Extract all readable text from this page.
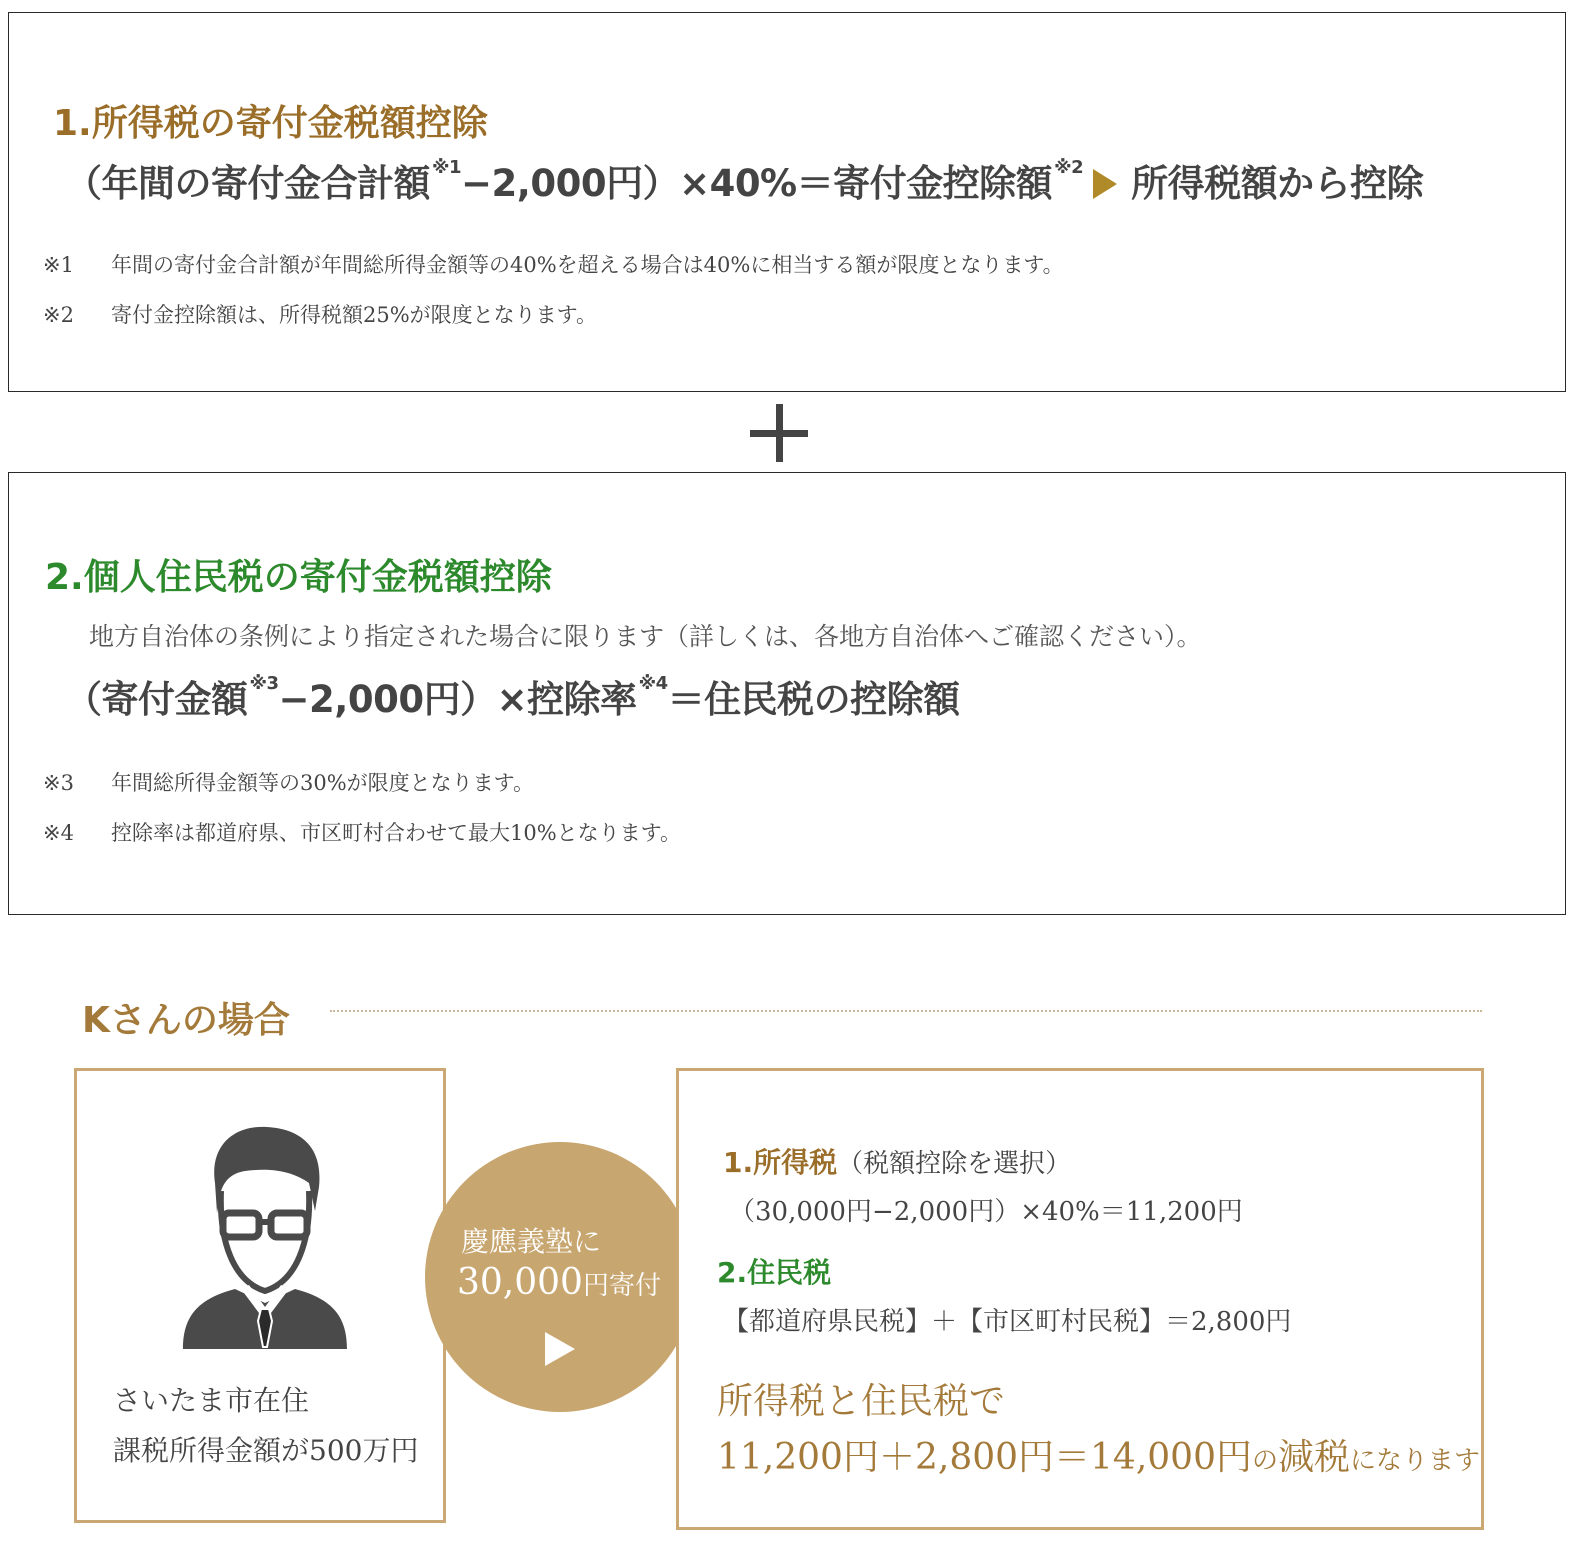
1.所得税の寄付金税額控除
（年間の寄付金合計額 $^{※1}$−2,000円）×40%＝寄付金控除額 $^{※2}$ 所得税額から控除
※1 年間の寄付金合計額が年間総所得金額等の40%を超える場合は40%に相当する額が限度となります。
※2 寄付金控除額は、所得税額25%が限度となります。
2.個人住民税の寄付金税額控除
地方自治体の条例により指定された場合に限ります（詳しくは、各地方自治体へご確認ください）。
（寄付金額 $^{※3}$−2,000円）×控除率 $^{※4}$＝住民税の控除額
※3 年間総所得金額等の30%が限度となります。
※4 控除率は都道府県、市区町村合わせて最大10%となります。
Kさんの場合
さいたま市在住
課税所得金額が500万円
慶應義塾に
30,000円寄付
1.所得税（税額控除を選択）
（30,000円−2,000円）×40%＝11,200円
2.住民税
【都道府県民税】＋【市区町村民税】＝2,800円
所得税と住民税で
11,200円＋2,800円＝14,000円の減税になります
